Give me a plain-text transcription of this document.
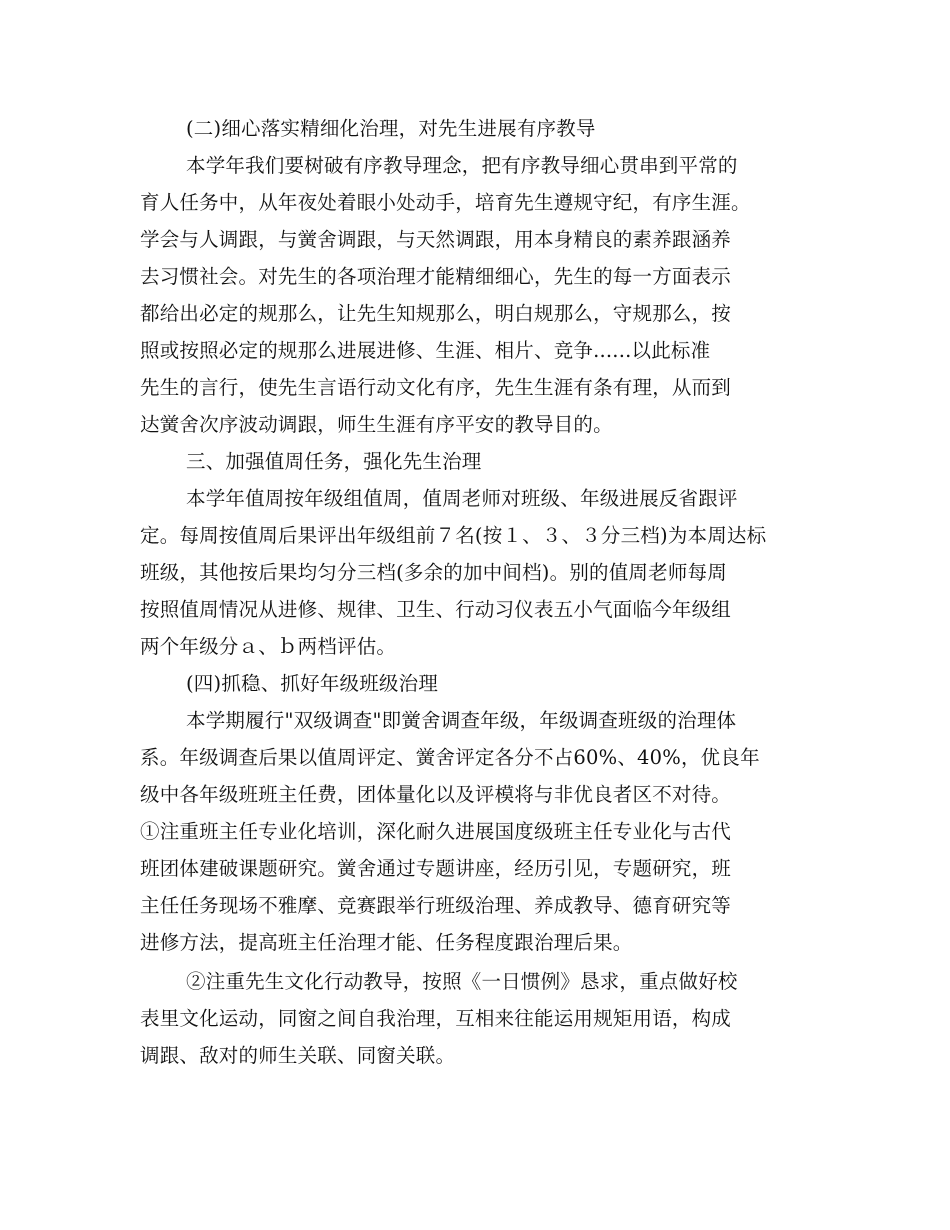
(二)细心落实精细化治理，对先生进展有序教导
本学年我们要树破有序教导理念，把有序教导细心贯串到平常的
育人任务中，从年夜处着眼小处动手，培育先生遵规守纪，有序生涯。
学会与人调跟，与黉舍调跟，与天然调跟，用本身精良的素养跟涵养
去习惯社会。对先生的各项治理才能精细细心，先生的每一方面表示
都给出必定的规那么，让先生知规那么，明白规那么，守规那么，按
照或按照必定的规那么进展进修、生涯、相片、竞争......以此标准
先生的言行，使先生言语行动文化有序，先生生涯有条有理，从而到
达黉舍次序波动调跟，师生生涯有序平安的教导目的。
三、加强值周任务，强化先生治理
本学年值周按年级组值周，值周老师对班级、年级进展反省跟评
定。每周按值周后果评出年级组前７名(按１、３、３分三档)为本周达标
班级，其他按后果均匀分三档(多余的加中间档)。别的值周老师每周
按照值周情况从进修、规律、卫生、行动习仪表五小气面临今年级组
两个年级分ａ、ｂ两档评估。
(四)抓稳、抓好年级班级治理
本学期履行"双级调查"即黉舍调查年级，年级调查班级的治理体
系。年级调查后果以值周评定、黉舍评定各分不占60%、40%，优良年
级中各年级班班主任费，团体量化以及评模将与非优良者区不对待。
①注重班主任专业化培训，深化耐久进展国度级班主任专业化与古代
班团体建破课题研究。黉舍通过专题讲座，经历引见，专题研究，班
主任任务现场不雅摩、竞赛跟举行班级治理、养成教导、德育研究等
进修方法，提高班主任治理才能、任务程度跟治理后果。
②注重先生文化行动教导，按照《一日惯例》恳求，重点做好校
表里文化运动，同窗之间自我治理，互相来往能运用规矩用语，构成
调跟、敌对的师生关联、同窗关联。
